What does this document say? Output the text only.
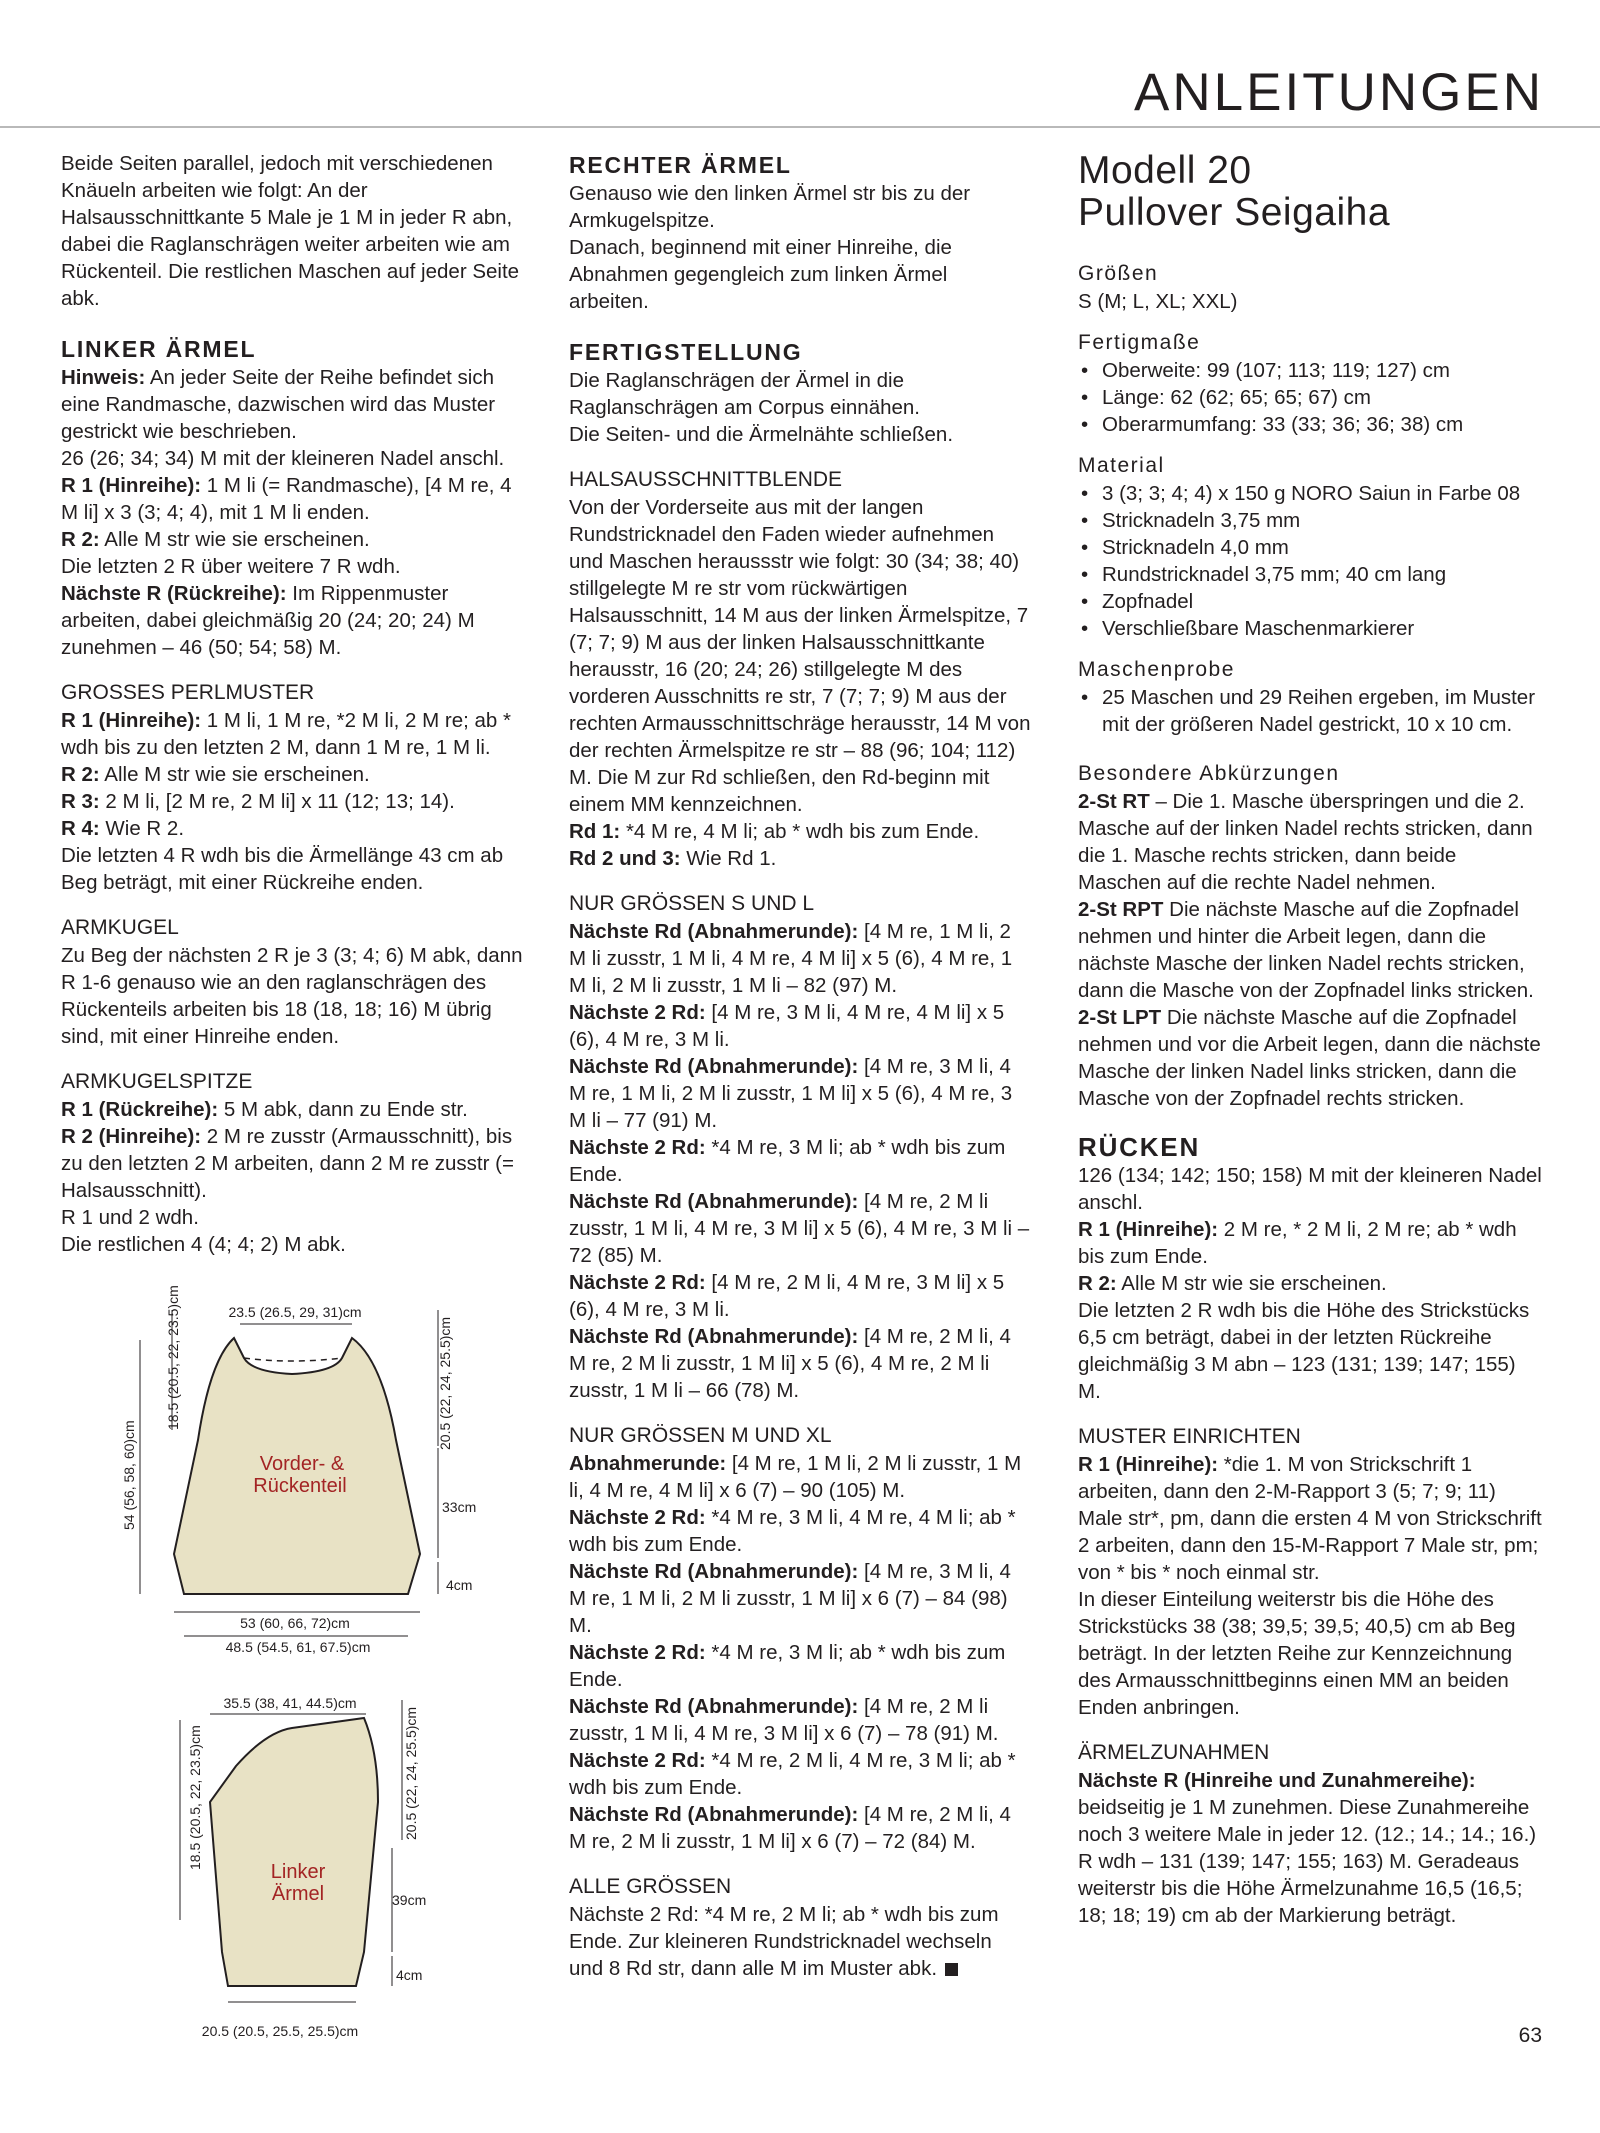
ANLEITUNGEN

Beide Seiten parallel, jedoch mit verschiedenen Knäueln arbeiten wie folgt: An der Halsausschnittkante 5 Male je 1 M in jeder R abn, dabei die Raglanschrägen weiter arbeiten wie am Rückenteil. Die restlichen Maschen auf jeder Seite abk.

LINKER ÄRMEL

Hinweis: An jeder Seite der Reihe befindet sich eine Randmasche, dazwischen wird das Muster gestrickt wie beschrieben.

26 (26; 34; 34) M mit der kleineren Nadel anschl.

R 1 (Hinreihe): 1 M li (= Randmasche), [4 M re, 4 M li] x 3 (3; 4; 4), mit 1 M li enden.

R 2: Alle M str wie sie erscheinen.

Die letzten 2 R über weitere 7 R wdh.

Nächste R (Rückreihe): Im Rippenmuster arbeiten, dabei gleichmäßig 20 (24; 20; 24) M zunehmen – 46 (50; 54; 58) M.

GROSSES PERLMUSTER

R 1 (Hinreihe): 1 M li, 1 M re, *2 M li, 2 M re; ab * wdh bis zu den letzten 2 M, dann 1 M re, 1 M li.

R 2: Alle M str wie sie erscheinen.

R 3: 2 M li, [2 M re, 2 M li] x 11 (12; 13; 14).

R 4: Wie R 2.

Die letzten 4 R wdh bis die Ärmellänge 43 cm ab Beg beträgt, mit einer Rückreihe enden.

ARMKUGEL

Zu Beg der nächsten 2 R je 3 (3; 4; 6) M abk, dann R 1-6 genauso wie an den raglanschrägen des Rückenteils arbeiten bis 18 (18, 18; 16) M übrig sind, mit einer Hinreihe enden.

ARMKUGELSPITZE

R 1 (Rückreihe): 5 M abk, dann zu Ende str.

R 2 (Hinreihe): 2 M re zusstr (Armausschnitt), bis zu den letzten 2 M arbeiten, dann 2 M re zusstr (= Halsausschnitt).

R 1 und 2 wdh.

Die restlichen 4 (4; 4; 2) M abk.

23.5 (26.5, 29, 31)cm
54 (56, 58, 60)cm
18.5 (20.5, 22, 23.5)cm	20.5 (22, 24, 25.5)cm
33cm
4cm
53 (60, 66, 72)cm
48.5 (54.5, 61, 67.5)cm
Vorder- &
Rückenteil
35.5 (38, 41, 44.5)cm
18.5 (20.5, 22, 23.5)cm	20.5 (22, 24, 25.5)cm
39cm
4cm
20.5 (20.5, 25.5, 25.5)cm
Linker
Ärmel

RECHTER ÄRMEL

Genauso wie den linken Ärmel str bis zu der Armkugelspitze.

Danach, beginnend mit einer Hinreihe, die Abnahmen gegengleich zum linken Ärmel arbeiten.

FERTIGSTELLUNG

Die Raglanschrägen der Ärmel in die Raglanschrägen am Corpus einnähen.

Die Seiten- und die Ärmelnähte schließen.

HALSAUSSCHNITTBLENDE

Von der Vorderseite aus mit der langen Rundstricknadel den Faden wieder aufnehmen und Maschen heraussstr wie folgt: 30 (34; 38; 40) stillgelegte M re str vom rückwärtigen Halsausschnitt, 14 M aus der linken Ärmelspitze, 7 (7; 7; 9) M aus der linken Halsausschnittkante herausstr, 16 (20; 24; 26) stillgelegte M des vorderen Ausschnitts re str, 7 (7; 7; 9) M aus der rechten Armausschnittschräge herausstr, 14 M von der rechten Ärmelspitze re str – 88 (96; 104; 112) M. Die M zur Rd schließen, den Rd-beginn mit einem MM kennzeichnen.

Rd 1: *4 M re, 4 M li; ab * wdh bis zum Ende.

Rd 2 und 3: Wie Rd 1.

NUR GRÖSSEN S UND L

Nächste Rd (Abnahmerunde): [4 M re, 1 M li, 2 M li zusstr, 1 M li, 4 M re, 4 M li] x 5 (6), 4 M re, 1 M li, 2 M li zusstr, 1 M li – 82 (97) M.

Nächste 2 Rd: [4 M re, 3 M li, 4 M re, 4 M li] x 5 (6), 4 M re, 3 M li.

Nächste Rd (Abnahmerunde): [4 M re, 3 M li, 4 M re, 1 M li, 2 M li zusstr, 1 M li] x 5 (6), 4 M re, 3 M li – 77 (91) M.

Nächste 2 Rd: *4 M re, 3 M li; ab * wdh bis zum Ende.

Nächste Rd (Abnahmerunde): [4 M re, 2 M li zusstr, 1 M li, 4 M re, 3 M li] x 5 (6), 4 M re, 3 M li – 72 (85) M.

Nächste 2 Rd: [4 M re, 2 M li, 4 M re, 3 M li] x 5 (6), 4 M re, 3 M li.

Nächste Rd (Abnahmerunde): [4 M re, 2 M li, 4 M re, 2 M li zusstr, 1 M li] x 5 (6), 4 M re, 2 M li zusstr, 1 M li – 66 (78) M.

NUR GRÖSSEN M UND XL

Abnahmerunde: [4 M re, 1 M li, 2 M li zusstr, 1 M li, 4 M re, 4 M li] x 6 (7) – 90 (105) M.

Nächste 2 Rd: *4 M re, 3 M li, 4 M re, 4 M li; ab * wdh bis zum Ende.

Nächste Rd (Abnahmerunde): [4 M re, 3 M li, 4 M re, 1 M li, 2 M li zusstr, 1 M li] x 6 (7) – 84 (98) M.

Nächste 2 Rd: *4 M re, 3 M li; ab * wdh bis zum Ende.

Nächste Rd (Abnahmerunde): [4 M re, 2 M li zusstr, 1 M li, 4 M re, 3 M li] x 6 (7) – 78 (91) M.

Nächste 2 Rd: *4 M re, 2 M li, 4 M re, 3 M li; ab * wdh bis zum Ende.

Nächste Rd (Abnahmerunde): [4 M re, 2 M li, 4 M re, 2 M li zusstr, 1 M li] x 6 (7) – 72 (84) M.

ALLE GRÖSSEN

Nächste 2 Rd: *4 M re, 2 M li; ab * wdh bis zum Ende. Zur kleineren Rundstricknadel wechseln und 8 Rd str, dann alle M im Muster abk.

Modell 20

Pullover Seigaiha

Größen

S (M; L, XL; XXL)

Fertigmaße

• Oberweite: 99 (107; 113; 119; 127) cm
• Länge: 62 (62; 65; 65; 67) cm
• Oberarmumfang: 33 (33; 36; 36; 38) cm

Material

• 3 (3; 3; 4; 4) x 150 g NORO Saiun in Farbe 08
• Stricknadeln 3,75 mm
• Stricknadeln 4,0 mm
• Rundstricknadel 3,75 mm; 40 cm lang
• Zopfnadel
• Verschließbare Maschenmarkierer

Maschenprobe

• 25 Maschen und 29 Reihen ergeben, im Muster mit der größeren Nadel gestrickt, 10 x 10 cm.

Besondere Abkürzungen

2-St RT – Die 1. Masche überspringen und die 2. Masche auf der linken Nadel rechts stricken, dann die 1. Masche rechts stricken, dann beide Maschen auf die rechte Nadel nehmen.

2-St RPT Die nächste Masche auf die Zopfnadel nehmen und hinter die Arbeit legen, dann die nächste Masche der linken Nadel rechts stricken, dann die Masche von der Zopfnadel links stricken.

2-St LPT Die nächste Masche auf die Zopfnadel nehmen und vor die Arbeit legen, dann die nächste Masche der linken Nadel links stricken, dann die Masche von der Zopfnadel rechts stricken.

RÜCKEN

126 (134; 142; 150; 158) M mit der kleineren Nadel anschl.

R 1 (Hinreihe): 2 M re, * 2 M li, 2 M re; ab * wdh bis zum Ende.

R 2: Alle M str wie sie erscheinen.

Die letzten 2 R wdh bis die Höhe des Strickstücks 6,5 cm beträgt, dabei in der letzten Rückreihe gleichmäßig 3 M abn – 123 (131; 139; 147; 155) M.

MUSTER EINRICHTEN

R 1 (Hinreihe): *die 1. M von Strickschrift 1 arbeiten, dann den 2-M-Rapport 3 (5; 7; 9; 11) Male str*, pm, dann die ersten 4 M von Strickschrift 2 arbeiten, dann den 15-M-Rapport 7 Male str, pm; von * bis * noch einmal str.

In dieser Einteilung weiterstr bis die Höhe des Strickstücks 38 (38; 39,5; 39,5; 40,5) cm ab Beg beträgt. In der letzten Reihe zur Kennzeichnung des Armausschnittbeginns einen MM an beiden Enden anbringen.

ÄRMELZUNAHMEN

Nächste R (Hinreihe und Zunahmereihe): beidseitig je 1 M zunehmen. Diese Zunahmereihe noch 3 weitere Male in jeder 12. (12.; 14.; 14.; 16.) R wdh – 131 (139; 147; 155; 163) M. Geradeaus weiterstr bis die Höhe Ärmelzunahme 16,5 (16,5; 18; 18; 19) cm ab der Markierung beträgt.

63
